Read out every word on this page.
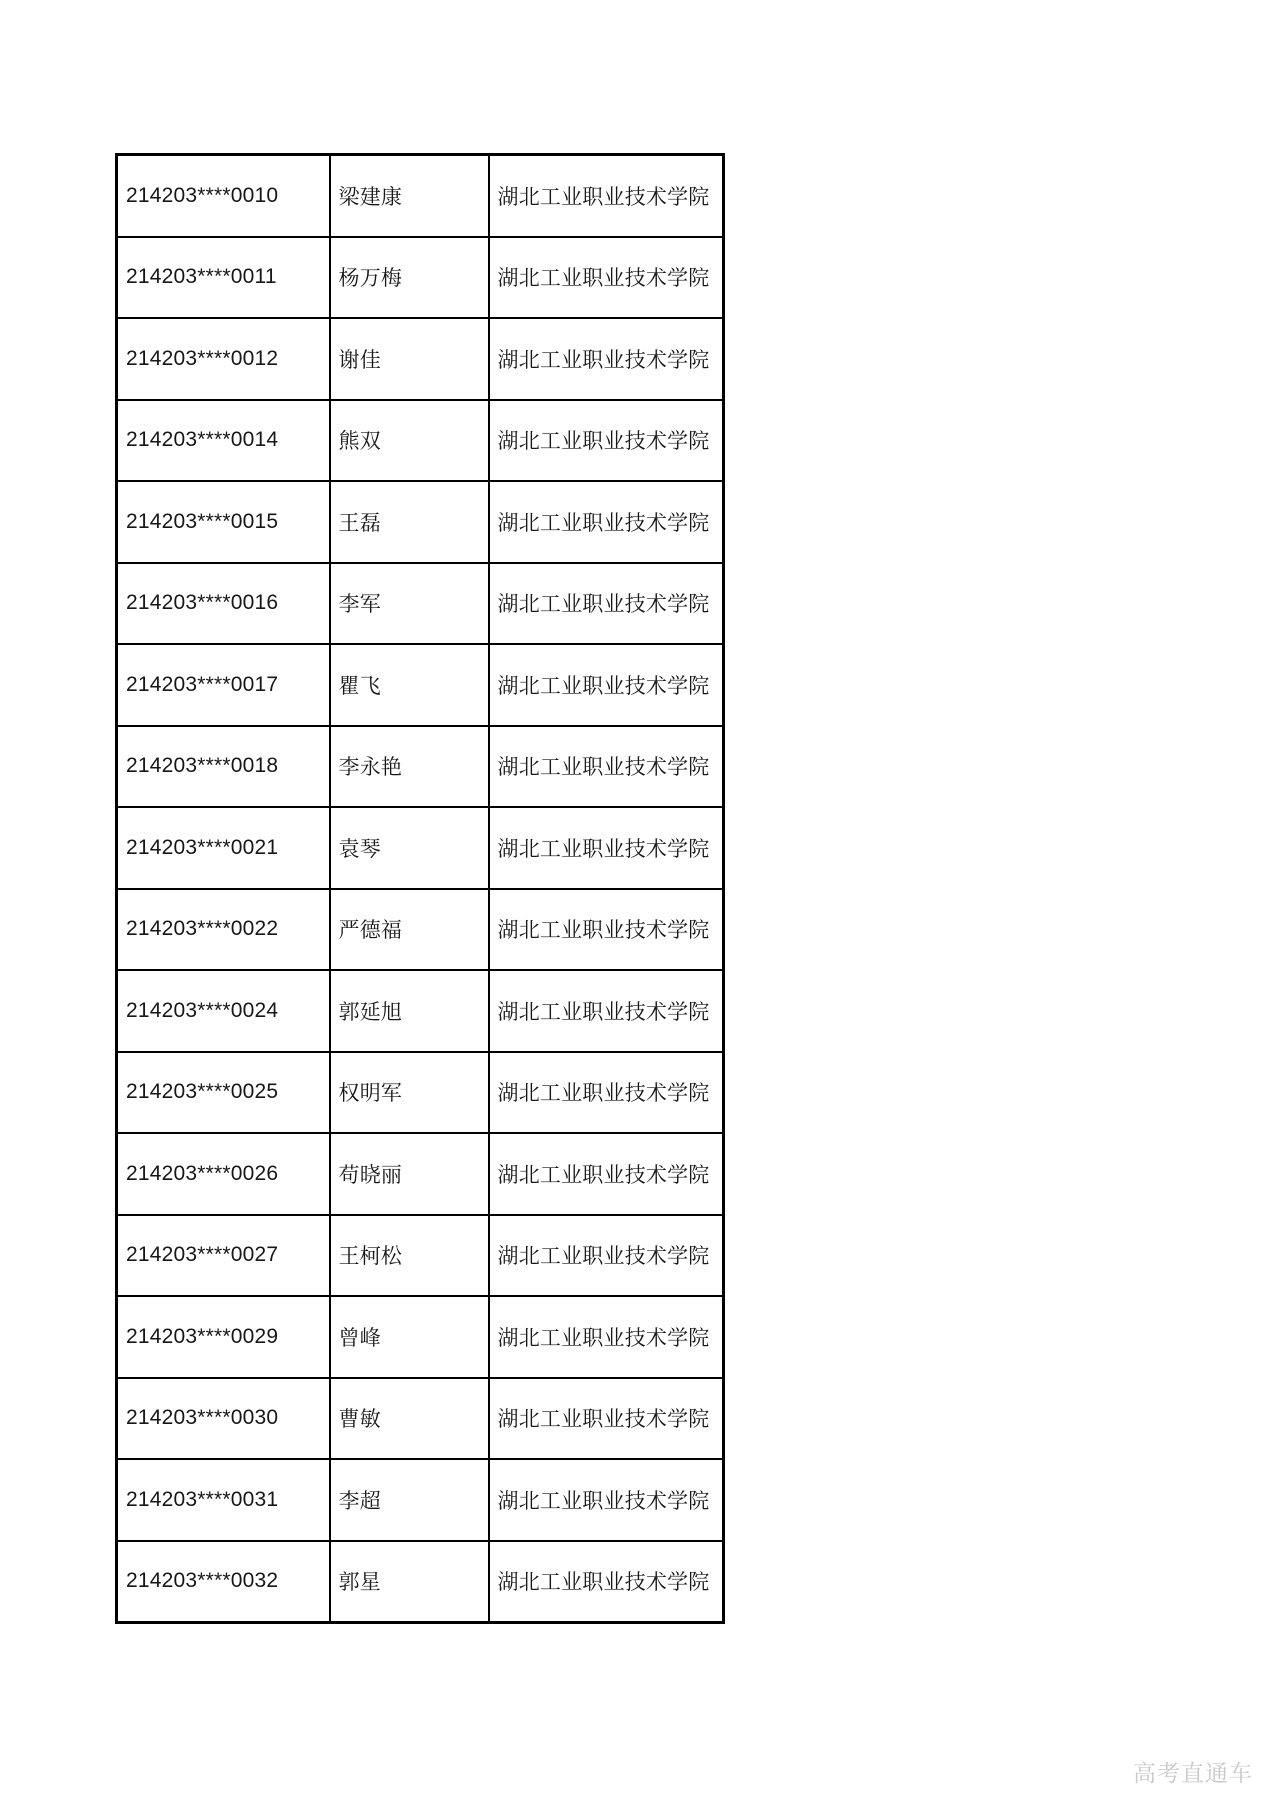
214203****0010	梁建康	湖北工业职业技术学院
214203****0011	杨万梅	湖北工业职业技术学院
214203****0012	谢佳	湖北工业职业技术学院
214203****0014	熊双	湖北工业职业技术学院
214203****0015	王磊	湖北工业职业技术学院
214203****0016	李军	湖北工业职业技术学院
214203****0017	瞿飞	湖北工业职业技术学院
214203****0018	李永艳	湖北工业职业技术学院
214203****0021	袁琴	湖北工业职业技术学院
214203****0022	严德福	湖北工业职业技术学院
214203****0024	郭延旭	湖北工业职业技术学院
214203****0025	权明军	湖北工业职业技术学院
214203****0026	苟晓丽	湖北工业职业技术学院
214203****0027	王柯松	湖北工业职业技术学院
214203****0029	曾峰	湖北工业职业技术学院
214203****0030	曹敏	湖北工业职业技术学院
214203****0031	李超	湖北工业职业技术学院
214203****0032	郭星	湖北工业职业技术学院
高考直通车
